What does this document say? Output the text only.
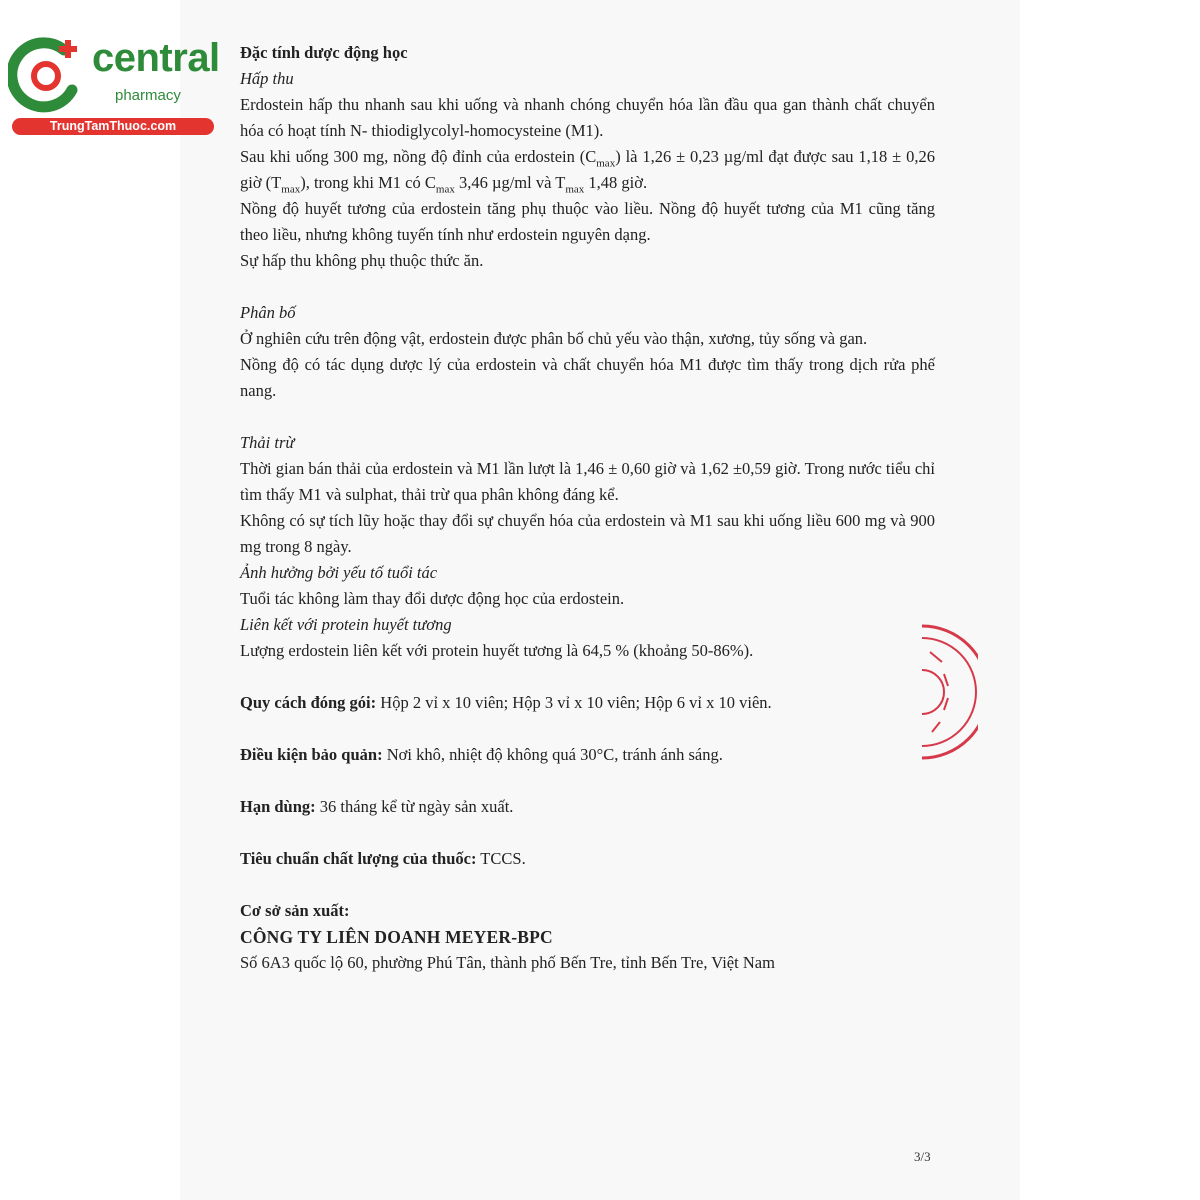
central
pharmacy
TrungTamThuoc.com

Đặc tính dược động học

Hấp thu

Erdostein hấp thu nhanh sau khi uống và nhanh chóng chuyển hóa lần đầu qua gan thành chất chuyển hóa có hoạt tính N- thiodiglycolyl-homocysteine (M1).

Sau khi uống 300 mg, nồng độ đỉnh của erdostein $(C_{max})$ là 1,26 ± 0,23 µg/ml đạt được sau 1,18 ± 0,26 giờ $(T_{max})$, trong khi M1 có $C_{max}$ 3,46 µg/ml và $T_{max}$ 1,48 giờ.

Nồng độ huyết tương của erdostein tăng phụ thuộc vào liều. Nồng độ huyết tương của M1 cũng tăng theo liều, nhưng không tuyến tính như erdostein nguyên dạng.

Sự hấp thu không phụ thuộc thức ăn.

Phân bố

Ở nghiên cứu trên động vật, erdostein được phân bố chủ yếu vào thận, xương, tủy sống và gan.

Nồng độ có tác dụng dược lý của erdostein và chất chuyển hóa M1 được tìm thấy trong dịch rửa phế nang.

Thải trừ

Thời gian bán thải của erdostein và M1 lần lượt là 1,46 ± 0,60 giờ và 1,62 ±0,59 giờ. Trong nước tiểu chỉ tìm thấy M1 và sulphat, thải trừ qua phân không đáng kể.

Không có sự tích lũy hoặc thay đổi sự chuyển hóa của erdostein và M1 sau khi uống liều 600 mg và 900 mg trong 8 ngày.

Ảnh hưởng bởi yếu tố tuổi tác

Tuổi tác không làm thay đổi dược động học của erdostein.

Liên kết với protein huyết tương

Lượng erdostein liên kết với protein huyết tương là 64,5 % (khoảng 50-86%).

Quy cách đóng gói: Hộp 2 vỉ x 10 viên; Hộp 3 vỉ x 10 viên; Hộp 6 vỉ x 10 viên.

Điều kiện bảo quản: Nơi khô, nhiệt độ không quá 30°C, tránh ánh sáng.

Hạn dùng: 36 tháng kể từ ngày sản xuất.

Tiêu chuẩn chất lượng của thuốc: TCCS.

Cơ sở sản xuất:

CÔNG TY LIÊN DOANH MEYER-BPC

Số 6A3 quốc lộ 60, phường Phú Tân, thành phố Bến Tre, tỉnh Bến Tre, Việt Nam

3/3
